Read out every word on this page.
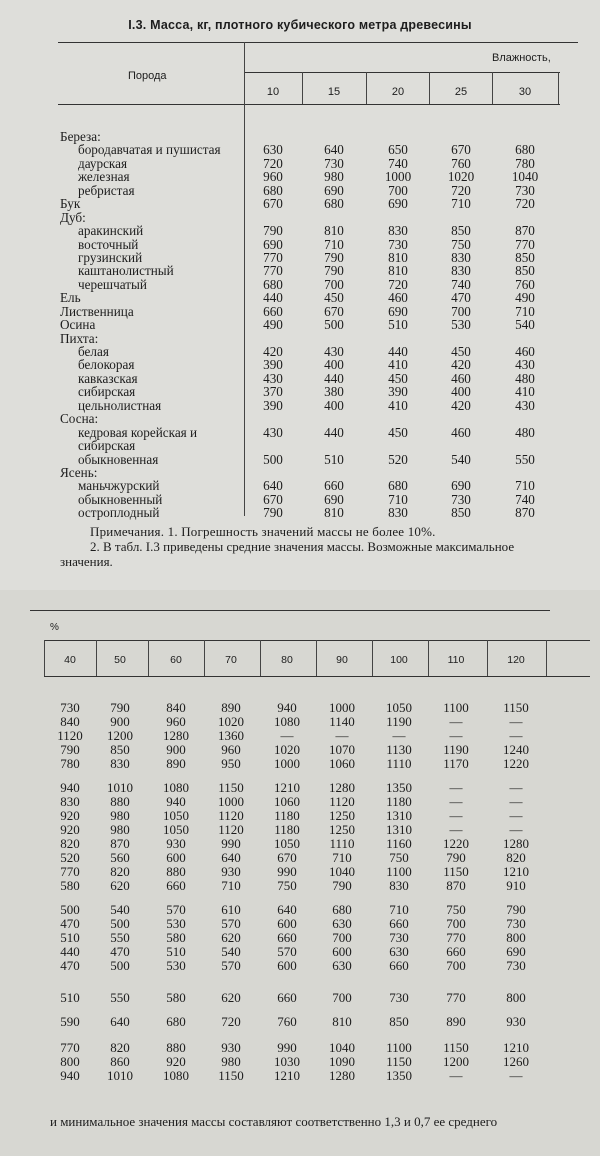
I.3. Масса, кг, плотного кубического метра древесины
Порода
Влажность,
10	15	20	25	30
Береза:
бородавчатая и пушистая	630	640	650	670	680
даурская	720	730	740	760	780
железная	960	980	1000	1020	1040
ребристая	680	690	700	720	730
Бук	670	680	690	710	720
Дуб:
аракинский	790	810	830	850	870
восточный	690	710	730	750	770
грузинский	770	790	810	830	850
каштанолистный	770	790	810	830	850
черешчатый	680	700	720	740	760
Ель	440	450	460	470	490
Лиственница	660	670	690	700	710
Осина	490	500	510	530	540
Пихта:
белая	420	430	440	450	460
белокорая	390	400	410	420	430
кавказская	430	440	450	460	480
сибирская	370	380	390	400	410
цельнолистная	390	400	410	420	430
Сосна:
кедровая корейская и сибирская
430	440	450	460	480
обыкновенная	500	510	520	540	550
Ясень:
маньчжурский	640	660	680	690	710
обыкновенный	670	690	710	730	740
остроплодный	790	810	830	850	870
Примечания. 1. Погрешность значений массы не более 10%.
2. В табл. I.3 приведены средние значения массы. Возможные максимальное
значения.
%
40	50	60	70	80	90	100	110	120
730	790	840	890	940	1000	1050	1100	1150
840	900	960	1020	1080	1140	1190	—	—
1120	1200	1280	1360	—	—	—	—	—
790	850	900	960	1020	1070	1130	1190	1240
780	830	890	950	1000	1060	1110	1170	1220
940	1010	1080	1150	1210	1280	1350	—	—
830	880	940	1000	1060	1120	1180	—	—
920	980	1050	1120	1180	1250	1310	—	—
920	980	1050	1120	1180	1250	1310	—	—
820	870	930	990	1050	1110	1160	1220	1280
520	560	600	640	670	710	750	790	820
770	820	880	930	990	1040	1100	1150	1210
580	620	660	710	750	790	830	870	910
500	540	570	610	640	680	710	750	790
470	500	530	570	600	630	660	700	730
510	550	580	620	660	700	730	770	800
440	470	510	540	570	600	630	660	690
470	500	530	570	600	630	660	700	730
510	550	580	620	660	700	730	770	800
590	640	680	720	760	810	850	890	930
770	820	880	930	990	1040	1100	1150	1210
800	860	920	980	1030	1090	1150	1200	1260
940	1010	1080	1150	1210	1280	1350	—	—
и минимальное значения массы составляют соответственно 1,3 и 0,7 ее среднего
